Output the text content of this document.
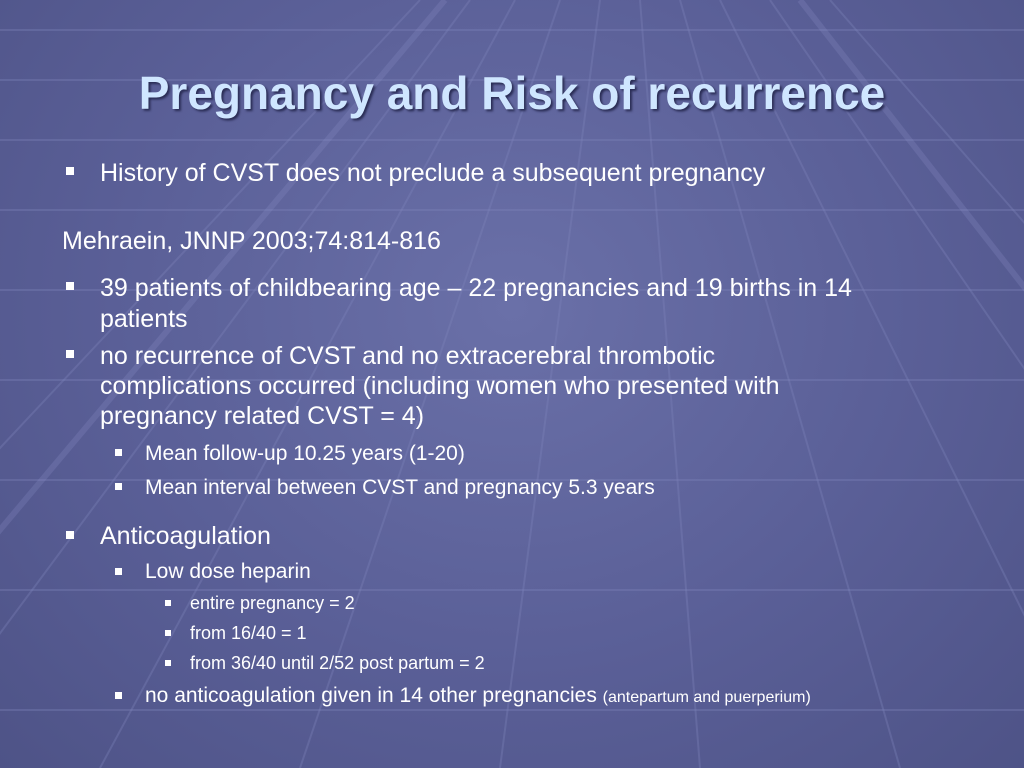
Pregnancy and Risk of recurrence
History of CVST does not preclude a subsequent pregnancy
Mehraein, JNNP 2003;74:814-816
39 patients of childbearing age – 22 pregnancies and 19 births in 14
patients
no recurrence of CVST and no extracerebral thrombotic
complications occurred (including women who presented with
pregnancy related CVST = 4)
Mean follow-up 10.25 years (1-20)
Mean interval between CVST and pregnancy 5.3 years
Anticoagulation
Low dose heparin
entire pregnancy = 2
from 16/40 = 1
from 36/40 until 2/52 post partum = 2
no anticoagulation given in 14 other pregnancies (antepartum and puerperium)
